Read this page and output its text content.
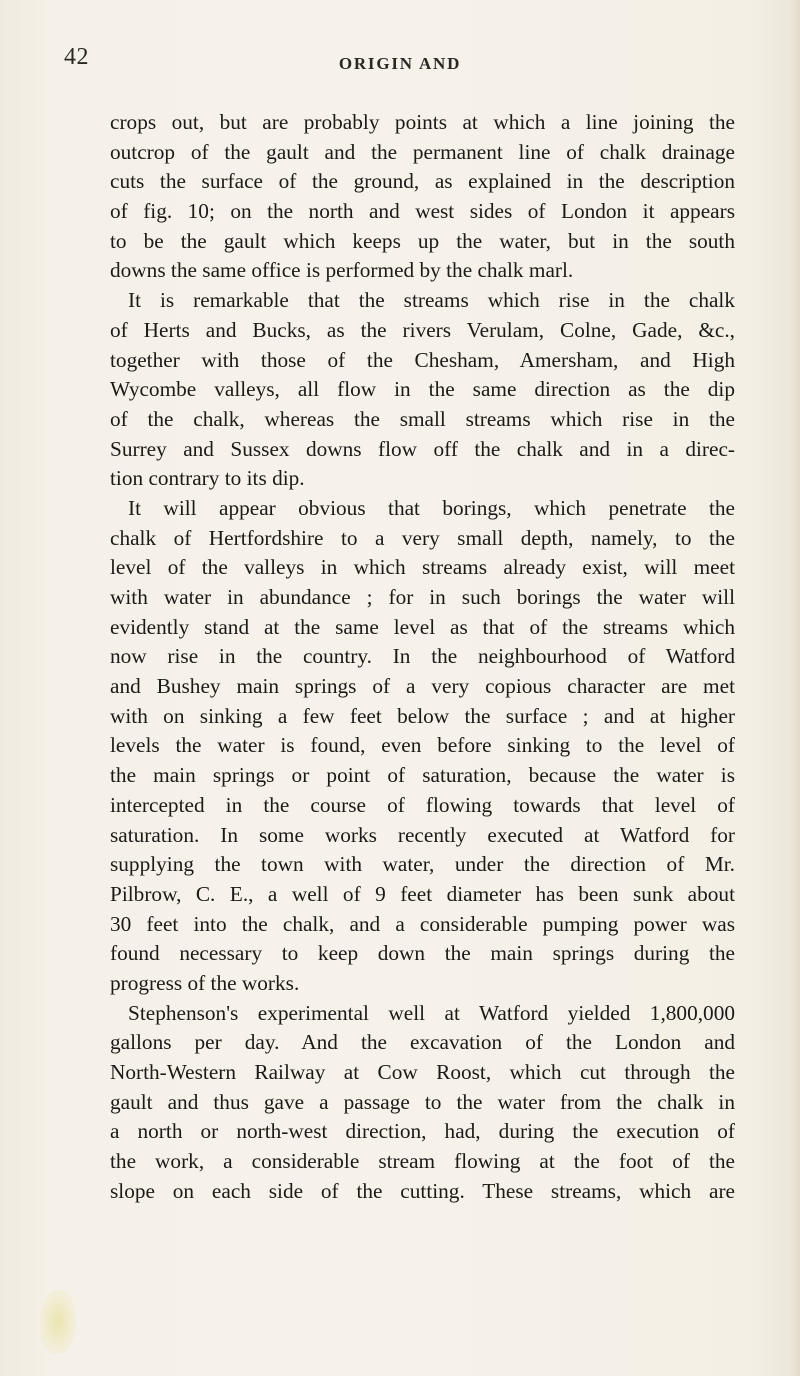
42	ORIGIN AND
crops out, but are probably points at which a line joining the
outcrop of the gault and the permanent line of chalk drainage
cuts the surface of the ground, as explained in the description
of fig. 10; on the north and west sides of London it appears
to be the gault which keeps up the water, but in the south
downs the same office is performed by the chalk marl.
It is remarkable that the streams which rise in the chalk
of Herts and Bucks, as the rivers Verulam, Colne, Gade, &c.,
together with those of the Chesham, Amersham, and High
Wycombe valleys, all flow in the same direction as the dip
of the chalk, whereas the small streams which rise in the
Surrey and Sussex downs flow off the chalk and in a direc-
tion contrary to its dip.
It will appear obvious that borings, which penetrate the
chalk of Hertfordshire to a very small depth, namely, to the
level of the valleys in which streams already exist, will meet
with water in abundance ; for in such borings the water will
evidently stand at the same level as that of the streams which
now rise in the country. In the neighbourhood of Watford
and Bushey main springs of a very copious character are met
with on sinking a few feet below the surface ; and at higher
levels the water is found, even before sinking to the level of
the main springs or point of saturation, because the water is
intercepted in the course of flowing towards that level of
saturation. In some works recently executed at Watford for
supplying the town with water, under the direction of Mr.
Pilbrow, C. E., a well of 9 feet diameter has been sunk about
30 feet into the chalk, and a considerable pumping power was
found necessary to keep down the main springs during the
progress of the works.
Stephenson's experimental well at Watford yielded 1,800,000
gallons per day. And the excavation of the London and
North-Western Railway at Cow Roost, which cut through the
gault and thus gave a passage to the water from the chalk in
a north or north-west direction, had, during the execution of
the work, a considerable stream flowing at the foot of the
slope on each side of the cutting. These streams, which are
